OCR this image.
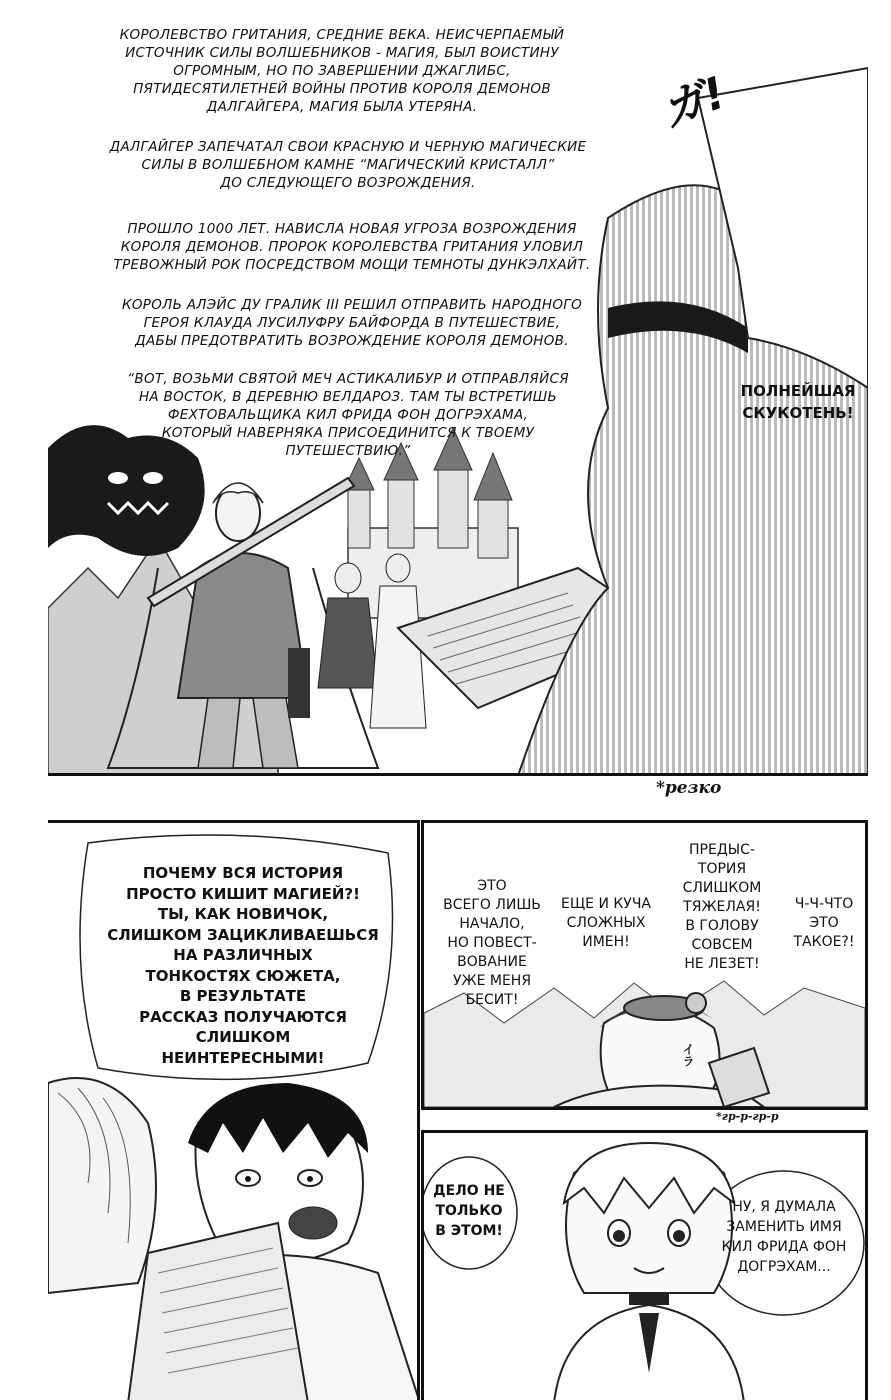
КОРОЛЕВСТВО ГРИТАНИЯ, СРЕДНИЕ ВЕКА. НЕИСЧЕРПАЕМЫЙ
ИСТОЧНИК СИЛЫ ВОЛШЕБНИКОВ - МАГИЯ, БЫЛ ВОИСТИНУ
ОГРОМНЫМ, НО ПО ЗАВЕРШЕНИИ ДЖАГЛИБС,
ПЯТИДЕСЯТИЛЕТНЕЙ ВОЙНЫ ПРОТИВ КОРОЛЯ ДЕМОНОВ
ДАЛГАЙГЕРА, МАГИЯ БЫЛА УТЕРЯНА.
ДАЛГАЙГЕР ЗАПЕЧАТАЛ СВОИ КРАСНУЮ И ЧЕРНУЮ МАГИЧЕСКИЕ
СИЛЫ В ВОЛШЕБНОМ КАМНЕ “МАГИЧЕСКИЙ КРИСТАЛЛ”
ДО СЛЕДУЮЩЕГО ВОЗРОЖДЕНИЯ.
ПРОШЛО 1000 ЛЕТ. НАВИСЛА НОВАЯ УГРОЗА ВОЗРОЖДЕНИЯ
КОРОЛЯ ДЕМОНОВ. ПРОРОК КОРОЛЕВСТВА ГРИТАНИЯ УЛОВИЛ
ТРЕВОЖНЫЙ РОК ПОСРЕДСТВОМ МОЩИ ТЕМНОТЫ ДУНКЭЛХАЙТ.
КОРОЛЬ АЛЭЙС ДУ ГРАЛИК III РЕШИЛ ОТПРАВИТЬ НАРОДНОГО
ГЕРОЯ КЛАУДА ЛУСИЛУФРУ БАЙФОРДА В ПУТЕШЕСТВИЕ,
ДАБЫ ПРЕДОТВРАТИТЬ ВОЗРОЖДЕНИЕ КОРОЛЯ ДЕМОНОВ.
“ВОТ, ВОЗЬМИ СВЯТОЙ МЕЧ АСТИКАЛИБУР И ОТПРАВЛЯЙСЯ
НА ВОСТОК, В ДЕРЕВНЮ ВЕЛДАРОЗ. ТАМ ТЫ ВСТРЕТИШЬ
ФЕХТОВАЛЬЩИКА КИЛ ФРИДА ФОН ДОГРЭХАМА,
КОТОРЫЙ НАВЕРНЯКА ПРИСОЕДИНИТСЯ К ТВОЕМУ
ПУТЕШЕСТВИЮ.”
ПОЛНЕЙШАЯ
СКУКОТЕНЬ!
ガ!
*резко
ПОЧЕМУ ВСЯ ИСТОРИЯ
ПРОСТО КИШИТ МАГИЕЙ?!
ТЫ, КАК НОВИЧОК,
СЛИШКОМ ЗАЦИКЛИВАЕШЬСЯ
НА РАЗЛИЧНЫХ
ТОНКОСТЯХ СЮЖЕТА,
В РЕЗУЛЬТАТЕ
РАССКАЗ ПОЛУЧАЮТСЯ
СЛИШКОМ
НЕИНТЕРЕСНЫМИ!
ЭТО
ВСЕГО ЛИШЬ
НАЧАЛО,
НО ПОВЕСТ-
ВОВАНИЕ
УЖЕ МЕНЯ
БЕСИТ!
ЕЩЕ И КУЧА
СЛОЖНЫХ
ИМЕН!
ПРЕДЫС-
ТОРИЯ
СЛИШКОМ
ТЯЖЕЛАЯ!
В ГОЛОВУ
СОВСЕМ
НЕ ЛЕЗЕТ!
Ч-Ч-ЧТО
ЭТО
ТАКОЕ?!
イラ
*гр-р-гр-р
ДЕЛО НЕ
ТОЛЬКО
В ЭТОМ!
НУ, Я ДУМАЛА
ЗАМЕНИТЬ ИМЯ
КИЛ ФРИДА ФОН
ДОГРЭХАМ...
